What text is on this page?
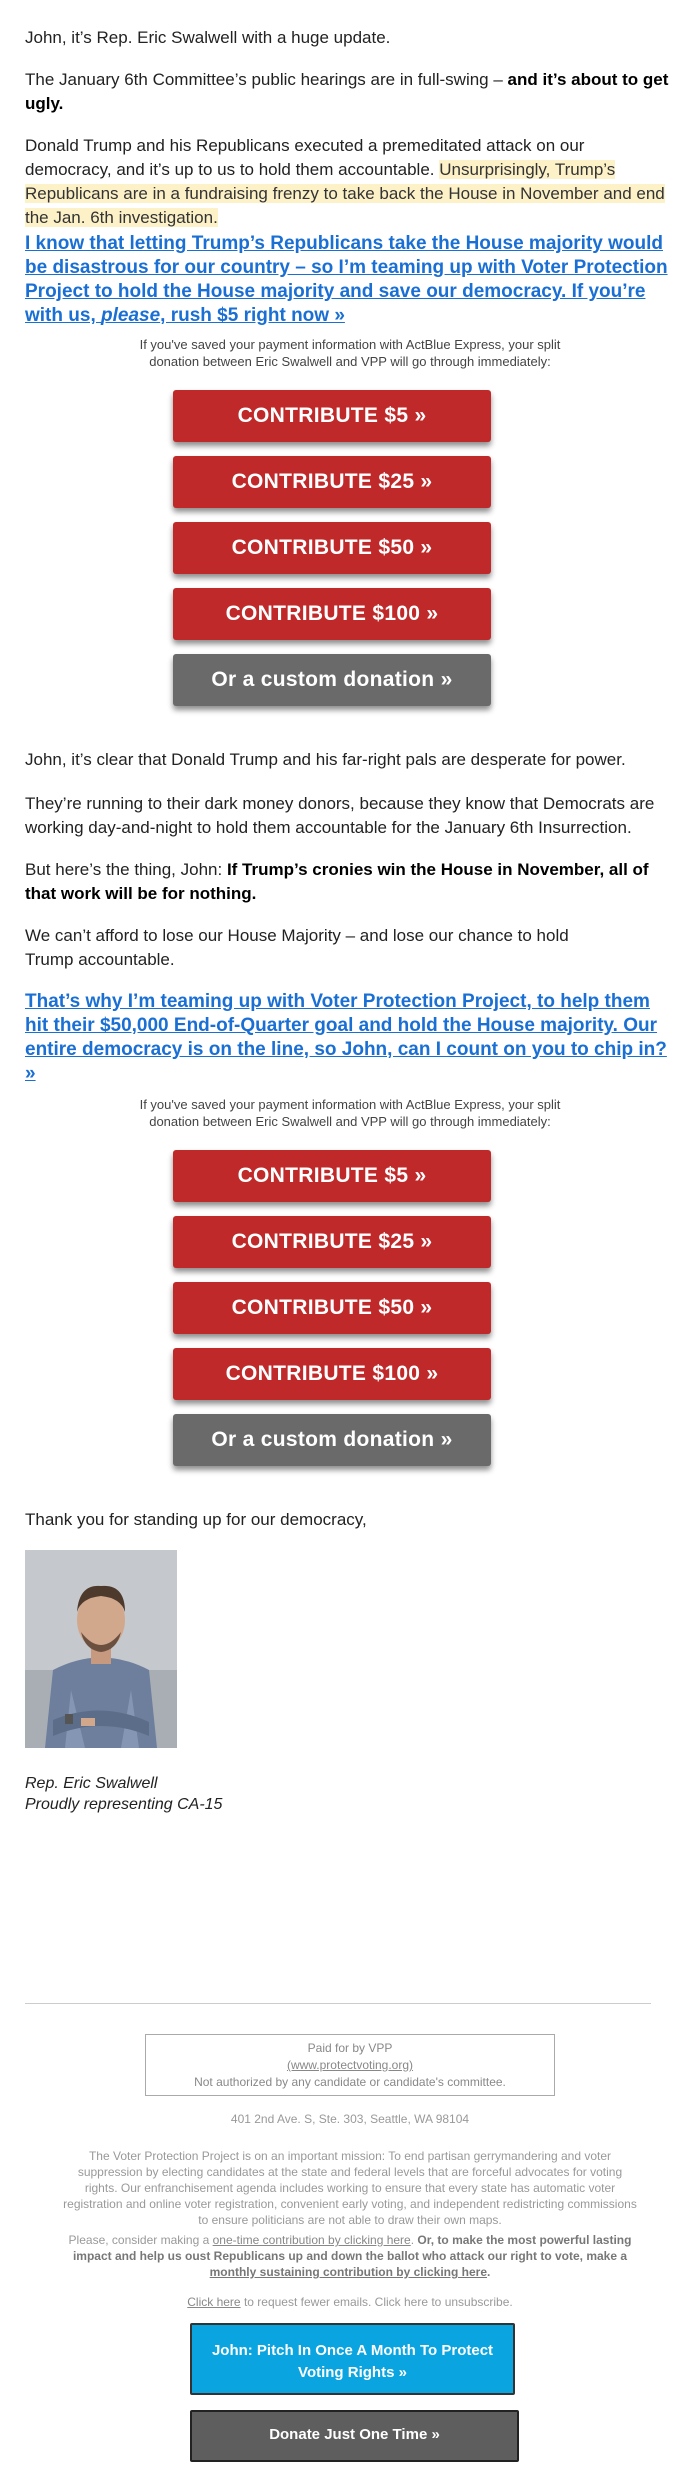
John, it’s Rep. Eric Swalwell with a huge update.

The January 6th Committee’s public hearings are in full-swing – and it’s about to get ugly.

Donald Trump and his Republicans executed a premeditated attack on our democracy, and it’s up to us to hold them accountable. Unsurprisingly, Trump’s Republicans are in a fundraising frenzy to take back the House in November and end the Jan. 6th investigation.

I know that letting Trump’s Republicans take the House majority would be disastrous for our country – so I’m teaming up with Voter Protection Project to hold the House majority and save our democracy. If you’re with us, please, rush $5 right now »

If you've saved your payment information with ActBlue Express, your split donation between Eric Swalwell and VPP will go through immediately:
CONTRIBUTE $5 »
CONTRIBUTE $25 »
CONTRIBUTE $50 »
CONTRIBUTE $100 »
Or a custom donation »

John, it’s clear that Donald Trump and his far-right pals are desperate for power.

They’re running to their dark money donors, because they know that Democrats are working day-and-night to hold them accountable for the January 6th Insurrection.

But here’s the thing, John: If Trump’s cronies win the House in November, all of that work will be for nothing.

We can’t afford to lose our House Majority – and lose our chance to hold Trump accountable.

That’s why I’m teaming up with Voter Protection Project, to help them hit their $50,000 End-of-Quarter goal and hold the House majority. Our entire democracy is on the line, so John, can I count on you to chip in? »

If you've saved your payment information with ActBlue Express, your split donation between Eric Swalwell and VPP will go through immediately:
CONTRIBUTE $5 »
CONTRIBUTE $25 »
CONTRIBUTE $50 »
CONTRIBUTE $100 »
Or a custom donation »

Thank you for standing up for our democracy,

Rep. Eric Swalwell
Proudly representing CA-15
Paid for by VPP
(www.protectvoting.org)
Not authorized by any candidate or candidate's committee.
401 2nd Ave. S, Ste. 303, Seattle, WA 98104
The Voter Protection Project is on an important mission: To end partisan gerrymandering and voter suppression by electing candidates at the state and federal levels that are forceful advocates for voting rights. Our enfranchisement agenda includes working to ensure that every state has automatic voter registration and online voter registration, convenient early voting, and independent redistricting commissions to ensure politicians are not able to draw their own maps.
Please, consider making a one-time contribution by clicking here. Or, to make the most powerful lasting impact and help us oust Republicans up and down the ballot who attack our right to vote, make a monthly sustaining contribution by clicking here.
Click here to request fewer emails. Click here to unsubscribe.
John: Pitch In Once A Month To Protect Voting Rights »
Donate Just One Time »
